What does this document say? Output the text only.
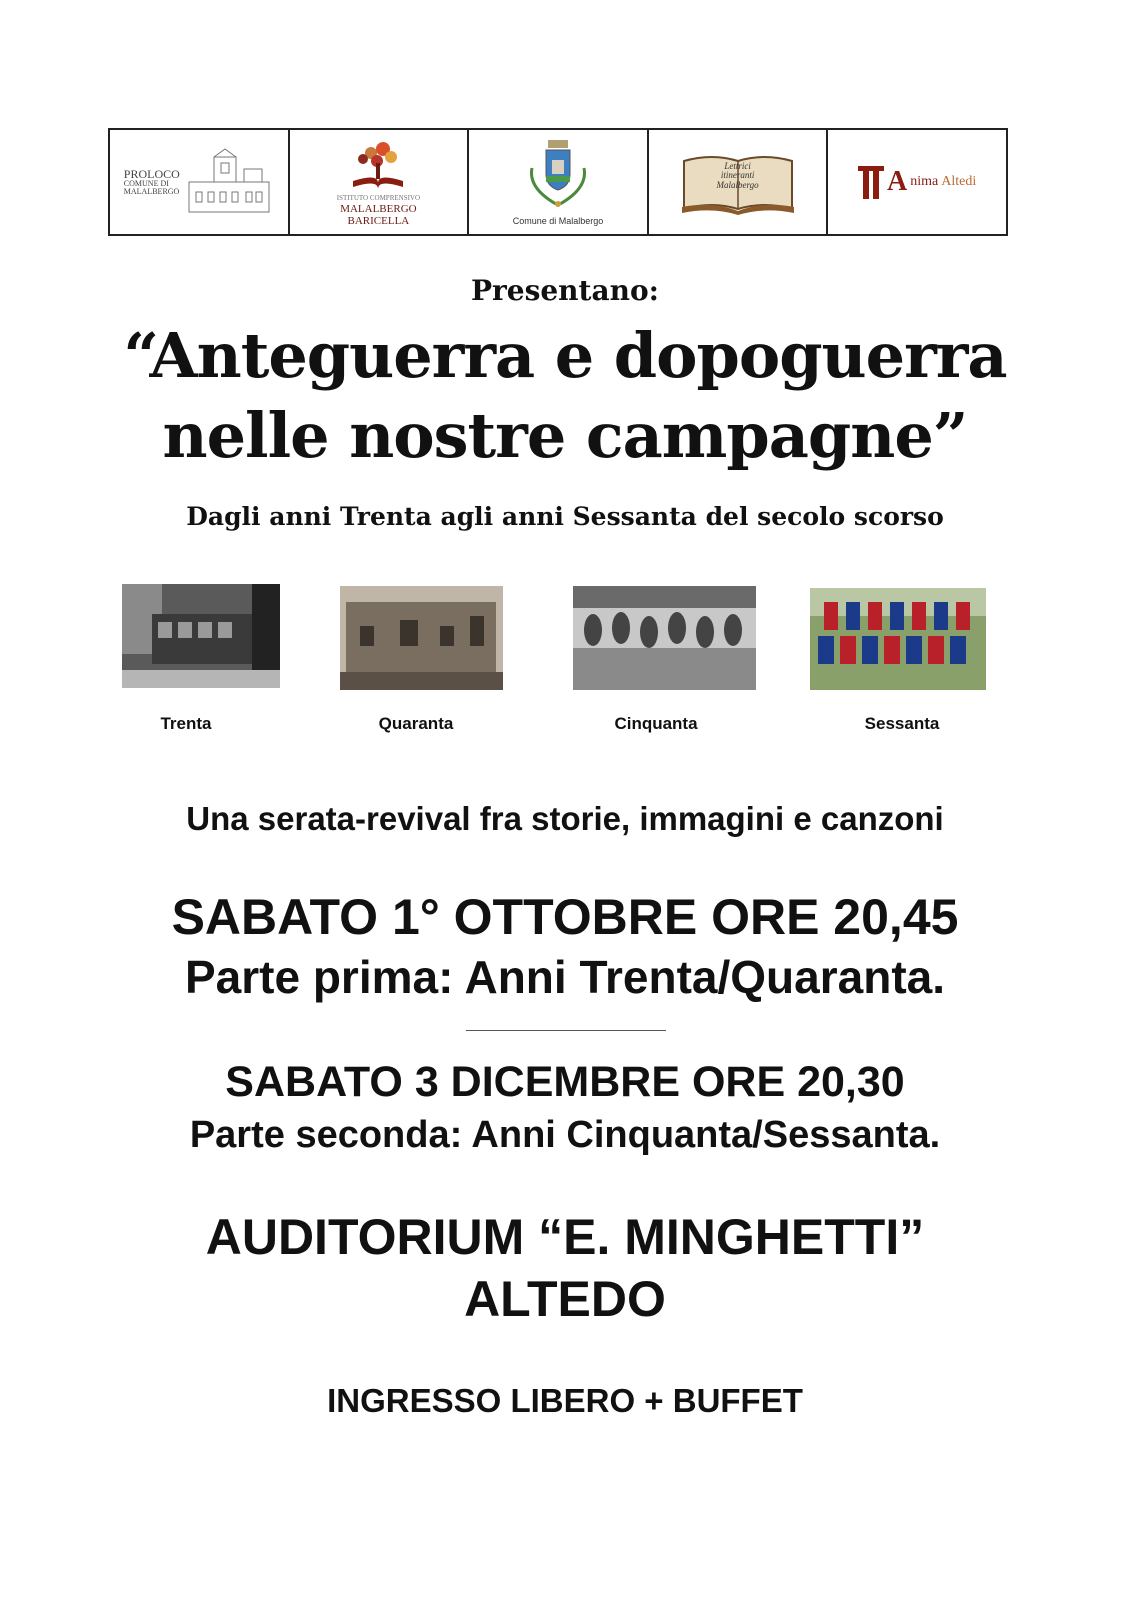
PROLOCO
COMUNE DI
MALALBERGO
ISTITUTO COMPRENSIVO
MALALBERGO
BARICELLA	Comune di Malalbergo
Lettrici
itineranti
Malalbergo	A nima Altedi
Presentano:
“Anteguerra e dopoguerra
nelle nostre campagne”
Dagli anni Trenta agli anni Sessanta del secolo scorso
Trenta	Quaranta	Cinquanta	Sessanta
Una serata-revival fra storie, immagini e canzoni
SABATO 1° OTTOBRE ORE 20,45
Parte prima: Anni Trenta/Quaranta.
SABATO 3 DICEMBRE ORE 20,30
Parte seconda: Anni Cinquanta/Sessanta.
AUDITORIUM “E. MINGHETTI”
ALTEDO
INGRESSO LIBERO + BUFFET
